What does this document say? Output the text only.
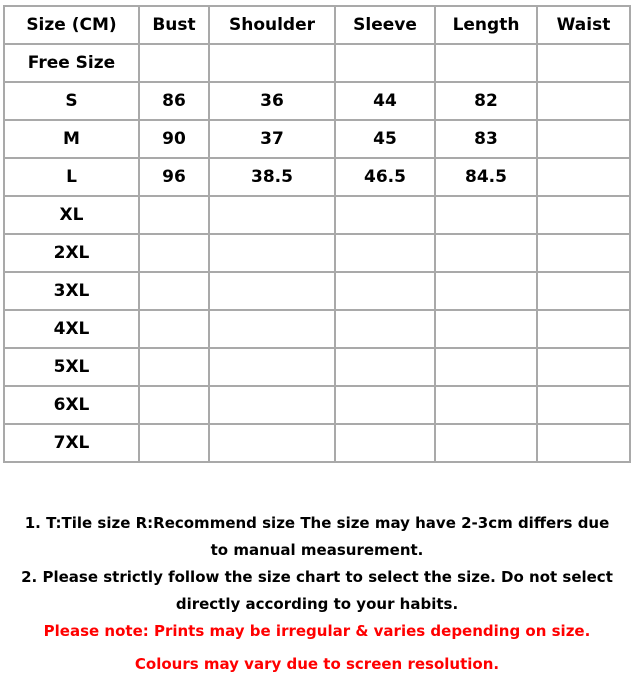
Size (CM)	Bust	Shoulder	Sleeve	Length	Waist
Free Size					
S	86	36	44	82	
M	90	37	45	83	
L	96	38.5	46.5	84.5	
XL					
2XL					
3XL					
4XL					
5XL					
6XL					
7XL					

1. T:Tile size R:Recommend size The size may have 2-3cm differs due

to manual measurement.

2. Please strictly follow the size chart to select the size. Do not select

directly according to your habits.

Please note: Prints may be irregular & varies depending on size.

Colours may vary due to screen resolution.
